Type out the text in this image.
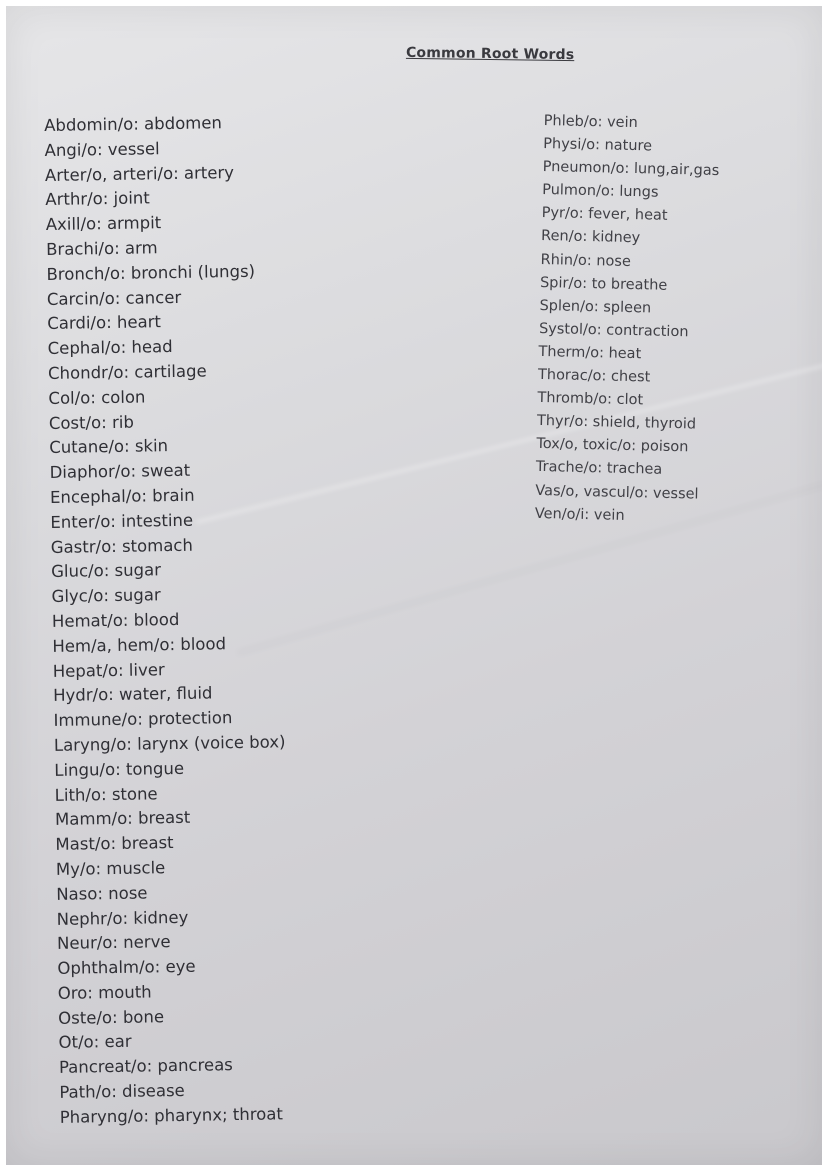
Common Root Words
Abdomin/o: abdomen
Angi/o: vessel
Arter/o, arteri/o: artery
Arthr/o: joint
Axill/o: armpit
Brachi/o: arm
Bronch/o: bronchi (lungs)
Carcin/o: cancer
Cardi/o: heart
Cephal/o: head
Chondr/o: cartilage
Col/o: colon
Cost/o: rib
Cutane/o: skin
Diaphor/o: sweat
Encephal/o: brain
Enter/o: intestine
Gastr/o: stomach
Gluc/o: sugar
Glyc/o: sugar
Hemat/o: blood
Hem/a, hem/o: blood
Hepat/o: liver
Hydr/o: water, fluid
Immune/o: protection
Laryng/o: larynx (voice box)
Lingu/o: tongue
Lith/o: stone
Mamm/o: breast
Mast/o: breast
My/o: muscle
Naso: nose
Nephr/o: kidney
Neur/o: nerve
Ophthalm/o: eye
Oro: mouth
Oste/o: bone
Ot/o: ear
Pancreat/o: pancreas
Path/o: disease
Pharyng/o: pharynx; throat
Phleb/o: vein
Physi/o: nature
Pneumon/o: lung,air,gas
Pulmon/o: lungs
Pyr/o: fever, heat
Ren/o: kidney
Rhin/o: nose
Spir/o: to breathe
Splen/o: spleen
Systol/o: contraction
Therm/o: heat
Thorac/o: chest
Thromb/o: clot
Thyr/o: shield, thyroid
Tox/o, toxic/o: poison
Trache/o: trachea
Vas/o, vascul/o: vessel
Ven/o/i: vein
